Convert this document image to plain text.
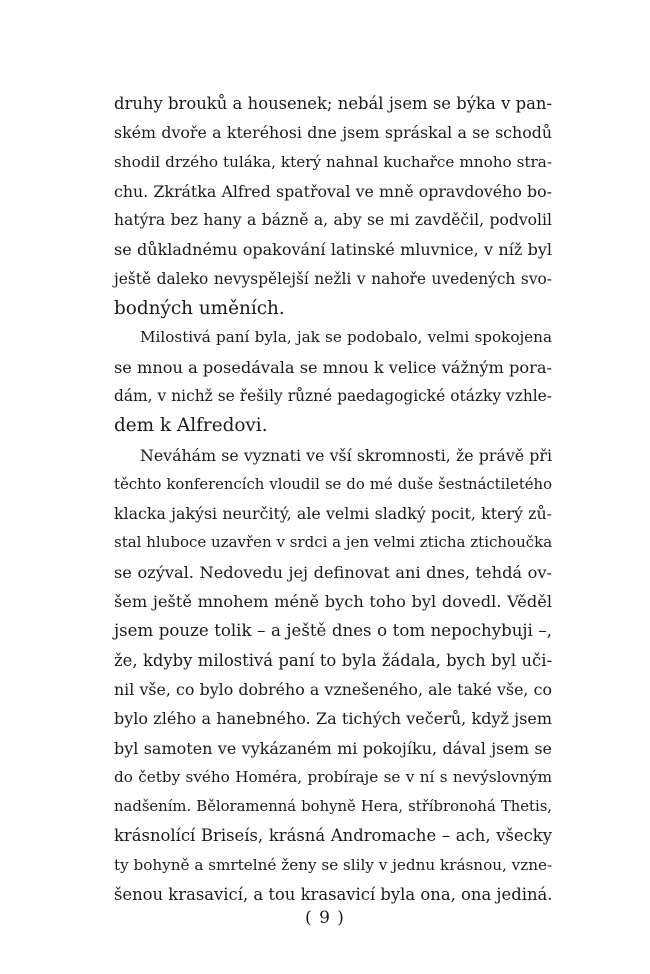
druhy brouků a housenek; nebál jsem se býka v pan-
ském dvoře a kteréhosi dne jsem spráskal a se schodů
shodil drzého tuláka, který nahnal kuchařce mnoho stra-
chu. Zkrátka Alfred spatřoval ve mně opravdového bo-
hatýra bez hany a bázně a, aby se mi zavděčil, podvolil
se důkladnému opakování latinské mluvnice, v níž byl
ještě daleko nevyspělejší nežli v nahoře uvedených svo-
bodných uměních.
Milostivá paní byla, jak se podobalo, velmi spokojena
se mnou a posedávala se mnou k velice vážným pora-
dám, v nichž se řešily různé paedagogické otázky vzhle-
dem k Alfredovi.
Neváhám se vyznati ve vší skromnosti, že právě při
těchto konferencích vloudil se do mé duše šestnáctiletého
klacka jakýsi neurčitý, ale velmi sladký pocit, který zů-
stal hluboce uzavřen v srdci a jen velmi zticha ztichoučka
se ozýval. Nedovedu jej definovat ani dnes, tehdá ov-
šem ještě mnohem méně bych toho byl dovedl. Věděl
jsem pouze tolik – a ještě dnes o tom nepochybuji –,
že, kdyby milostivá paní to byla žádala, bych byl uči-
nil vše, co bylo dobrého a vznešeného, ale také vše, co
bylo zlého a hanebného. Za tichých večerů, když jsem
byl samoten ve vykázaném mi pokojíku, dával jsem se
do četby svého Homéra, probíraje se v ní s nevýslovným
nadšením. Běloramenná bohyně Hera, stříbronohá Thetis,
krásnolící Briseís, krásná Andromache – ach, všecky
ty bohyně a smrtelné ženy se slily v jednu krásnou, vzne-
šenou krasavicí, a tou krasavicí byla ona, ona jediná.
( 9 )
